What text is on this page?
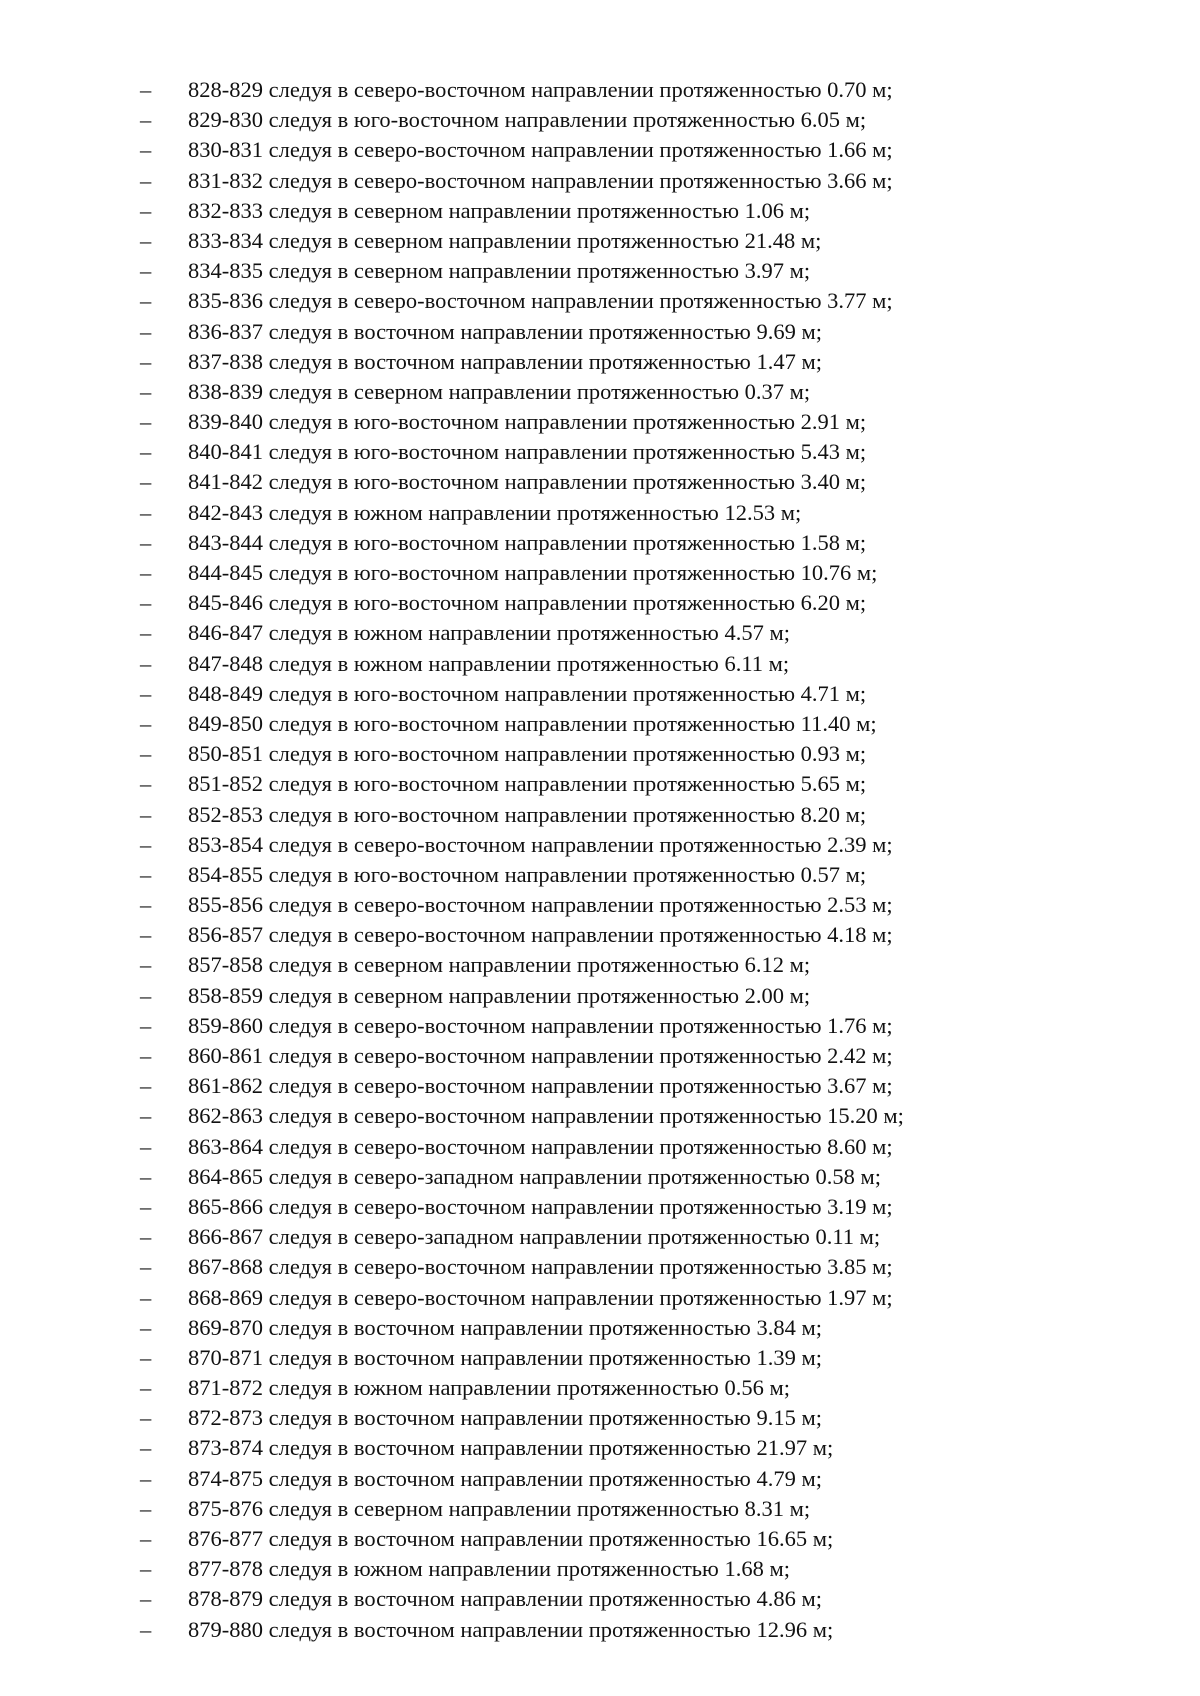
–	828-829 следуя в северо-восточном направлении протяженностью 0.70 м;
–	829-830 следуя в юго-восточном направлении протяженностью 6.05 м;
–	830-831 следуя в северо-восточном направлении протяженностью 1.66 м;
–	831-832 следуя в северо-восточном направлении протяженностью 3.66 м;
–	832-833 следуя в северном направлении протяженностью 1.06 м;
–	833-834 следуя в северном направлении протяженностью 21.48 м;
–	834-835 следуя в северном направлении протяженностью 3.97 м;
–	835-836 следуя в северо-восточном направлении протяженностью 3.77 м;
–	836-837 следуя в восточном направлении протяженностью 9.69 м;
–	837-838 следуя в восточном направлении протяженностью 1.47 м;
–	838-839 следуя в северном направлении протяженностью 0.37 м;
–	839-840 следуя в юго-восточном направлении протяженностью 2.91 м;
–	840-841 следуя в юго-восточном направлении протяженностью 5.43 м;
–	841-842 следуя в юго-восточном направлении протяженностью 3.40 м;
–	842-843 следуя в южном направлении протяженностью 12.53 м;
–	843-844 следуя в юго-восточном направлении протяженностью 1.58 м;
–	844-845 следуя в юго-восточном направлении протяженностью 10.76 м;
–	845-846 следуя в юго-восточном направлении протяженностью 6.20 м;
–	846-847 следуя в южном направлении протяженностью 4.57 м;
–	847-848 следуя в южном направлении протяженностью 6.11 м;
–	848-849 следуя в юго-восточном направлении протяженностью 4.71 м;
–	849-850 следуя в юго-восточном направлении протяженностью 11.40 м;
–	850-851 следуя в юго-восточном направлении протяженностью 0.93 м;
–	851-852 следуя в юго-восточном направлении протяженностью 5.65 м;
–	852-853 следуя в юго-восточном направлении протяженностью 8.20 м;
–	853-854 следуя в северо-восточном направлении протяженностью 2.39 м;
–	854-855 следуя в юго-восточном направлении протяженностью 0.57 м;
–	855-856 следуя в северо-восточном направлении протяженностью 2.53 м;
–	856-857 следуя в северо-восточном направлении протяженностью 4.18 м;
–	857-858 следуя в северном направлении протяженностью 6.12 м;
–	858-859 следуя в северном направлении протяженностью 2.00 м;
–	859-860 следуя в северо-восточном направлении протяженностью 1.76 м;
–	860-861 следуя в северо-восточном направлении протяженностью 2.42 м;
–	861-862 следуя в северо-восточном направлении протяженностью 3.67 м;
–	862-863 следуя в северо-восточном направлении протяженностью 15.20 м;
–	863-864 следуя в северо-восточном направлении протяженностью 8.60 м;
–	864-865 следуя в северо-западном направлении протяженностью 0.58 м;
–	865-866 следуя в северо-восточном направлении протяженностью 3.19 м;
–	866-867 следуя в северо-западном направлении протяженностью 0.11 м;
–	867-868 следуя в северо-восточном направлении протяженностью 3.85 м;
–	868-869 следуя в северо-восточном направлении протяженностью 1.97 м;
–	869-870 следуя в восточном направлении протяженностью 3.84 м;
–	870-871 следуя в восточном направлении протяженностью 1.39 м;
–	871-872 следуя в южном направлении протяженностью 0.56 м;
–	872-873 следуя в восточном направлении протяженностью 9.15 м;
–	873-874 следуя в восточном направлении протяженностью 21.97 м;
–	874-875 следуя в восточном направлении протяженностью 4.79 м;
–	875-876 следуя в северном направлении протяженностью 8.31 м;
–	876-877 следуя в восточном направлении протяженностью 16.65 м;
–	877-878 следуя в южном направлении протяженностью 1.68 м;
–	878-879 следуя в восточном направлении протяженностью 4.86 м;
–	879-880 следуя в восточном направлении протяженностью 12.96 м;
